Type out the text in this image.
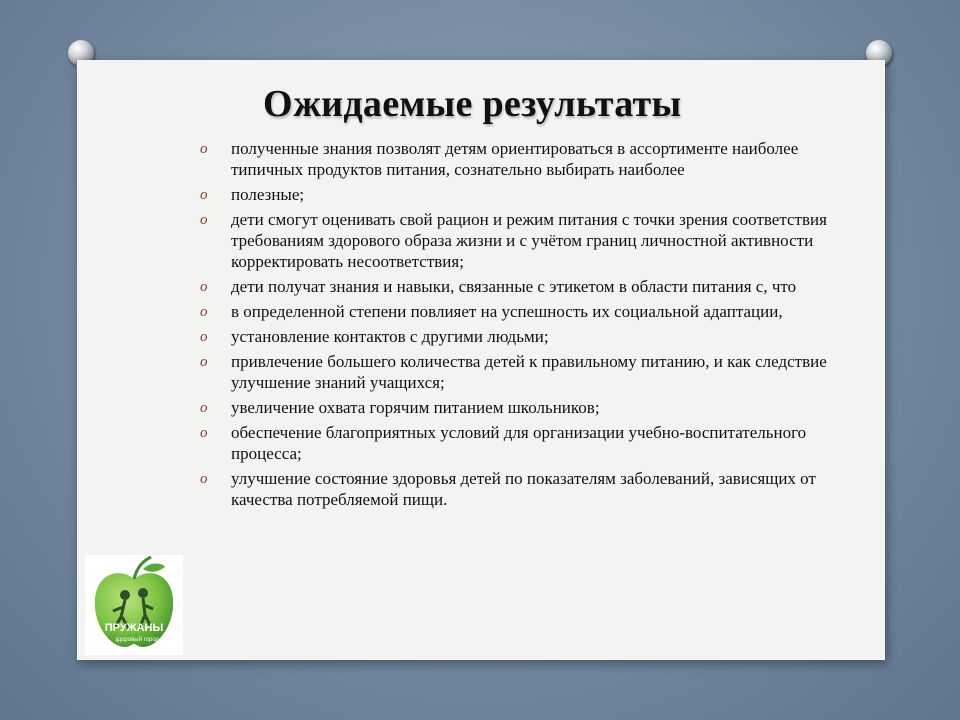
Ожидаемые результаты
o полученные знания позволят детям ориентироваться в ассортименте наиболее типичных продуктов питания, сознательно выбирать наиболее
o полезные;
o дети смогут оценивать свой рацион и режим питания с точки зрения соответствия требованиям здорового образа жизни и с учётом границ личностной активности корректировать несоответствия;
o дети получат знания и навыки, связанные с этикетом в области питания с, что
o в определенной степени повлияет на успешность их социальной адаптации,
o установление контактов с другими людьми;
o привлечение большего количества детей к правильному питанию, и как следствие улучшение знаний учащихся;
o увеличение охвата горячим питанием школьников;
o обеспечение благоприятных условий для организации учебно-воспитательного процесса;
o улучшение состояние здоровья детей по показателям заболеваний, зависящих от качества потребляемой пищи.
ПРУЖАНЫ
здоровый город
